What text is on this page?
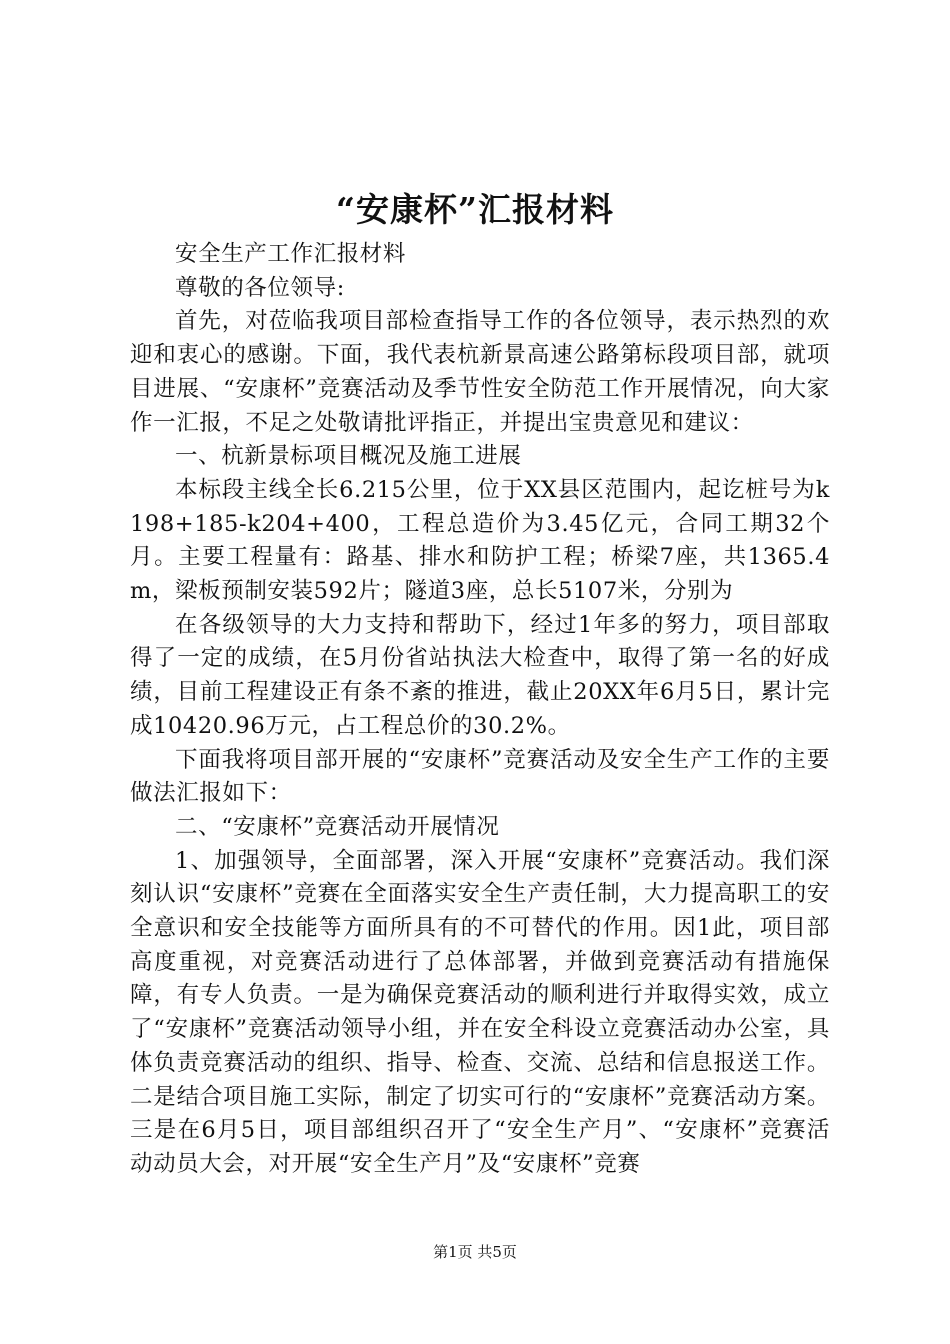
“安康杯”汇报材料

安全生产工作汇报材料

尊敬的各位领导:

首先，对莅临我项目部检查指导工作的各位领导，表示热烈的欢迎和衷心的感谢。下面，我代表杭新景高速公路第标段项目部，就项目进展、“安康杯”竞赛活动及季节性安全防范工作开展情况，向大家作一汇报，不足之处敬请批评指正，并提出宝贵意见和建议：

一、杭新景标项目概况及施工进展

本标段主线全长6.215公里，位于XX县区范围内，起讫桩号为k198+185-k204+400，工程总造价为3.45亿元，合同工期32个月。主要工程量有：路基、排水和防护工程；桥梁7座，共1365.4m，梁板预制安装592片；隧道3座，总长5107米，分别为

在各级领导的大力支持和帮助下，经过1年多的努力，项目部取得了一定的成绩，在5月份省站执法大检查中，取得了第一名的好成绩，目前工程建设正有条不紊的推进，截止20XX年6月5日，累计完成10420.96万元，占工程总价的30.2%。

下面我将项目部开展的“安康杯”竞赛活动及安全生产工作的主要做法汇报如下：

二、“安康杯”竞赛活动开展情况

1、加强领导，全面部署，深入开展“安康杯”竞赛活动。我们深刻认识“安康杯”竞赛在全面落实安全生产责任制，大力提高职工的安全意识和安全技能等方面所具有的不可替代的作用。因1此，项目部高度重视，对竞赛活动进行了总体部署，并做到竞赛活动有措施保障，有专人负责。一是为确保竞赛活动的顺利进行并取得实效，成立了“安康杯”竞赛活动领导小组，并在安全科设立竞赛活动办公室，具体负责竞赛活动的组织、指导、检查、交流、总结和信息报送工作。二是结合项目施工实际，制定了切实可行的“安康杯”竞赛活动方案。三是在6月5日，项目部组织召开了“安全生产月”、“安康杯”竞赛活动动员大会，对开展“安全生产月”及“安康杯”竞赛

第1页 共5页
